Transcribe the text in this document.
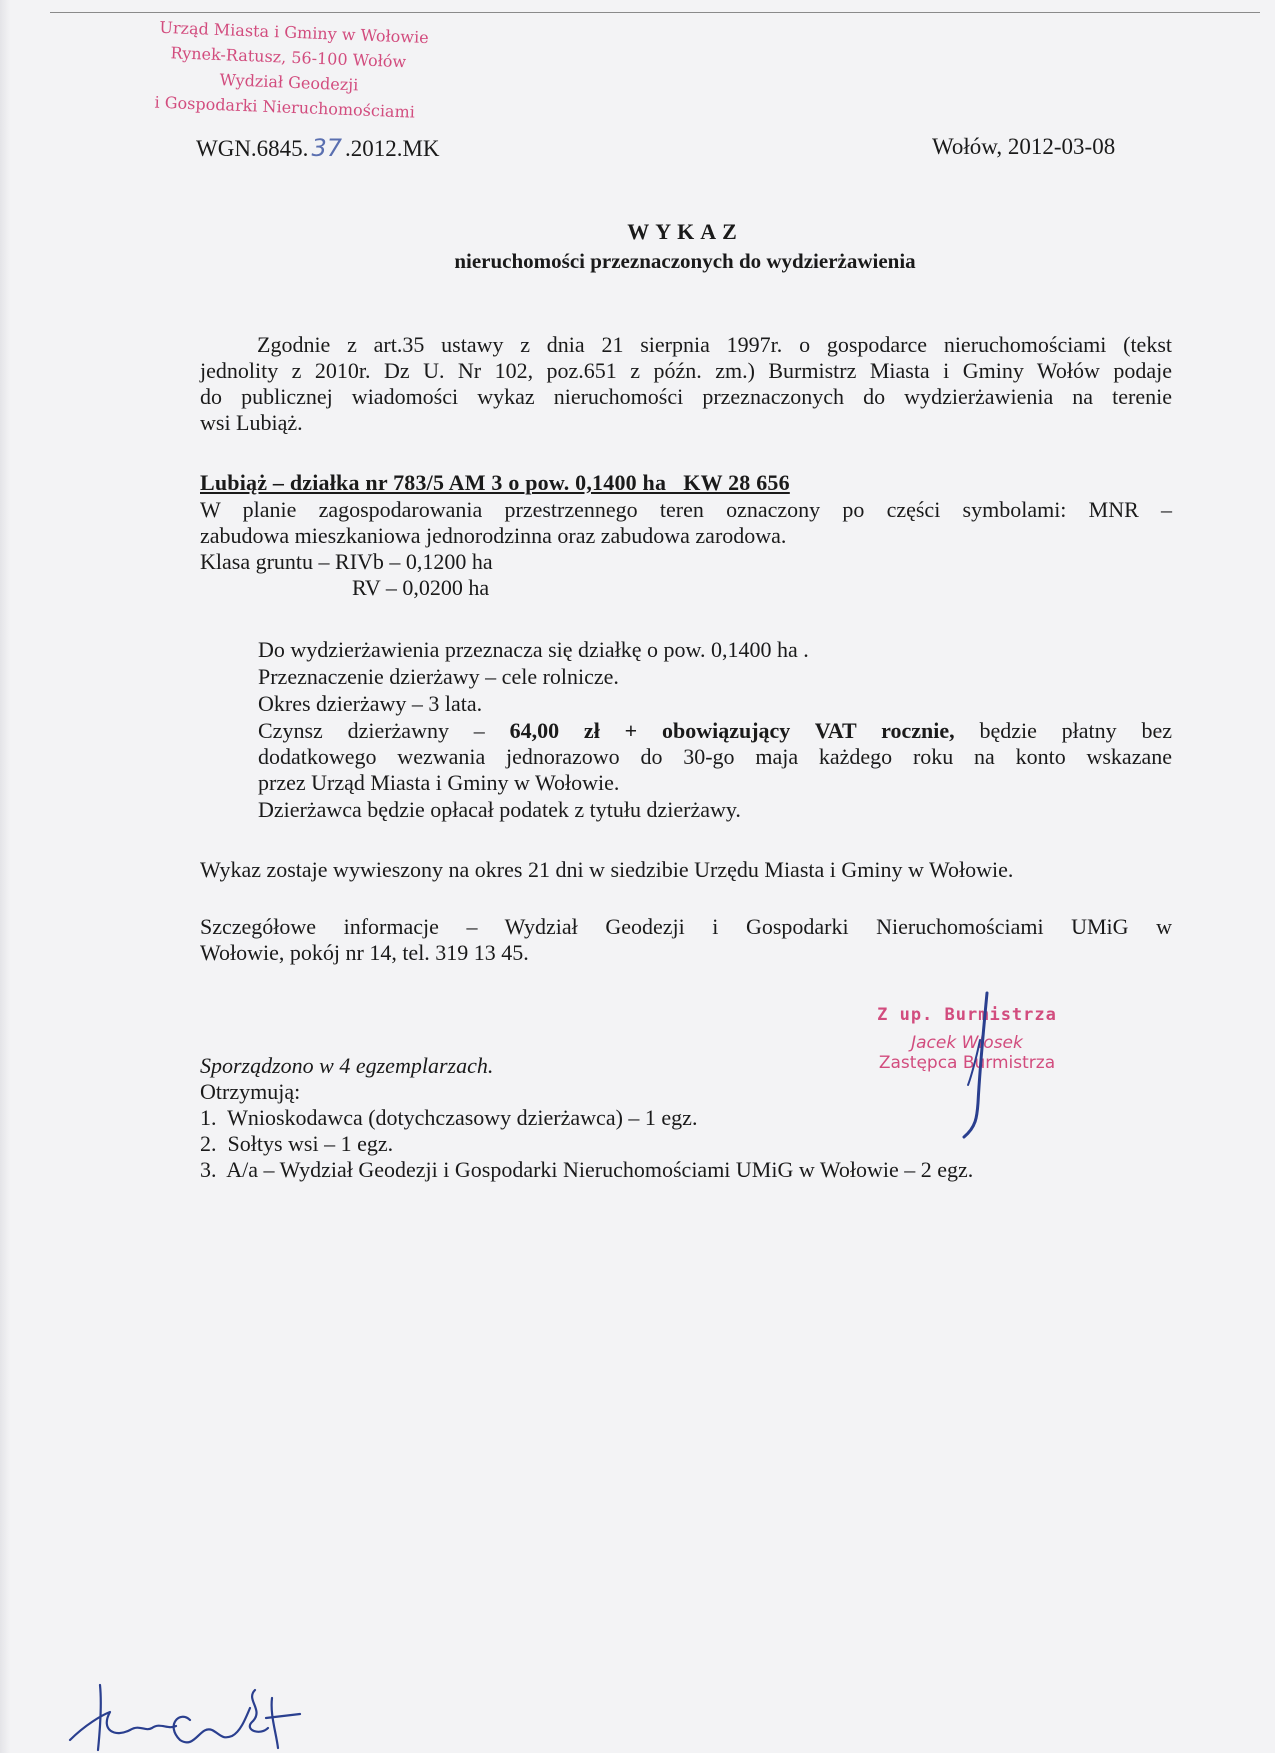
Urząd Miasta i Gminy w Wołowie
Rynek-Ratusz, 56-100 Wołów
Wydział Geodezji
i Gospodarki Nieruchomościami
WGN.6845. 37 .2012.MK	Wołów, 2012-03-08
WYKAZ
nieruchomości przeznaczonych do wydzierżawienia
Zgodnie z art.35 ustawy z dnia 21 sierpnia 1997r. o gospodarce nieruchomościami (tekst
jednolity z 2010r. Dz U. Nr 102, poz.651 z późn. zm.) Burmistrz Miasta i Gminy Wołów podaje
do publicznej wiadomości wykaz nieruchomości przeznaczonych do wydzierżawienia na terenie
wsi Lubiąż.
Lubiąż – działka nr 783/5 AM 3 o pow. 0,1400 ha   KW 28 656
W planie zagospodarowania przestrzennego teren oznaczony po części symbolami: MNR –
zabudowa mieszkaniowa jednorodzinna oraz zabudowa zarodowa.
Klasa gruntu – RIVb – 0,1200 ha
RV – 0,0200 ha
Do wydzierżawienia przeznacza się działkę o pow. 0,1400 ha .
Przeznaczenie dzierżawy – cele rolnicze.
Okres dzierżawy – 3 lata.
Czynsz dzierżawny – 64,00 zł + obowiązujący VAT rocznie, będzie płatny bez
dodatkowego wezwania jednorazowo do 30-go maja każdego roku na konto wskazane
przez Urząd Miasta i Gminy w Wołowie.
Dzierżawca będzie opłacał podatek z tytułu dzierżawy.
Wykaz zostaje wywieszony na okres 21 dni w siedzibie Urzędu Miasta i Gminy w Wołowie.
Szczegółowe informacje – Wydział Geodezji i Gospodarki Nieruchomościami UMiG w
Wołowie, pokój nr 14, tel. 319 13 45.
Z up. Burmistrza
Jacek Włosek
Zastępca Burmistrza
Sporządzono w 4 egzemplarzach.
Otrzymują:
1.  Wnioskodawca (dotychczasowy dzierżawca) – 1 egz.
2.  Sołtys wsi – 1 egz.
3.  A/a – Wydział Geodezji i Gospodarki Nieruchomościami UMiG w Wołowie – 2 egz.
